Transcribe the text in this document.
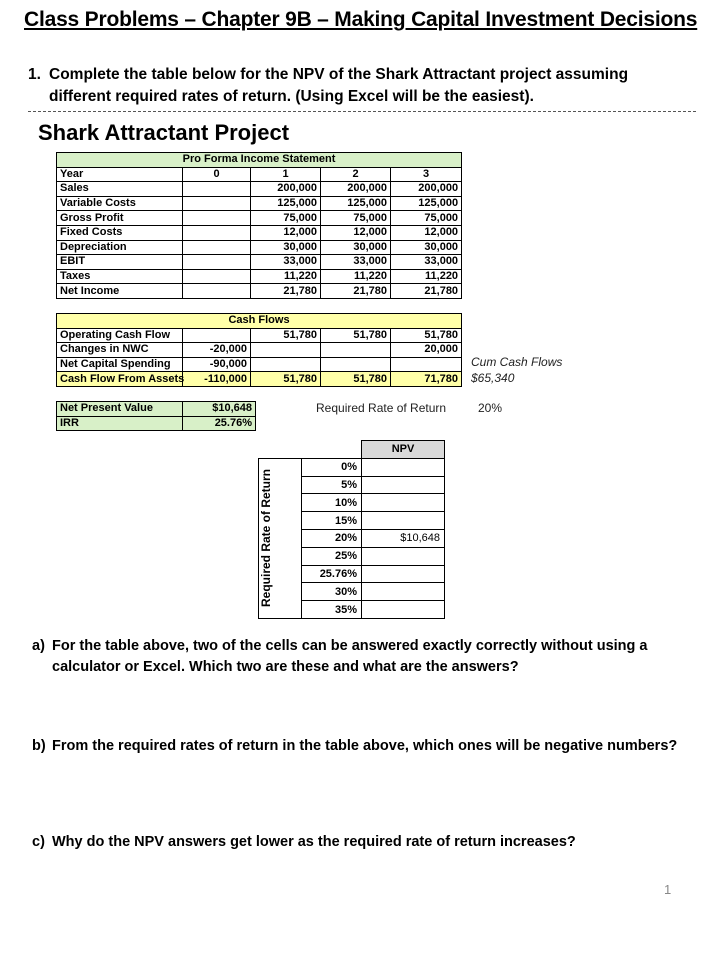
Class Problems – Chapter 9B – Making Capital Investment Decisions
1. Complete the table below for the NPV of the Shark Attractant project assuming different required rates of return. (Using Excel will be the easiest).
Shark Attractant Project
Pro Forma Income Statement				
Year	0	1	2	3
Sales		200,000	200,000	200,000
Variable Costs		125,000	125,000	125,000
Gross Profit		75,000	75,000	75,000
Fixed Costs		12,000	12,000	12,000
Depreciation		30,000	30,000	30,000
EBIT		33,000	33,000	33,000
Taxes		11,220	11,220	11,220
Net Income		21,780	21,780	21,780
Cash Flows				
Operating Cash Flow		51,780	51,780	51,780
Changes in NWC	-20,000			20,000
Net Capital Spending	-90,000			
Cash Flow From Assets	-110,000	51,780	51,780	71,780
Cum Cash Flows
$65,340
Net Present Value	$10,648
IRR	25.76%
Required Rate of Return	20%
		NPV

Required Rate of Return	0%	
	5%	
	10%	
	15%	
	20%	$10,648
	25%	
	25.76%	
	30%	
	35%	
a) For the table above, two of the cells can be answered exactly correctly without using a calculator or Excel. Which two are these and what are the answers?
b) From the required rates of return in the table above, which ones will be negative numbers?
c) Why do the NPV answers get lower as the required rate of return increases?
1
